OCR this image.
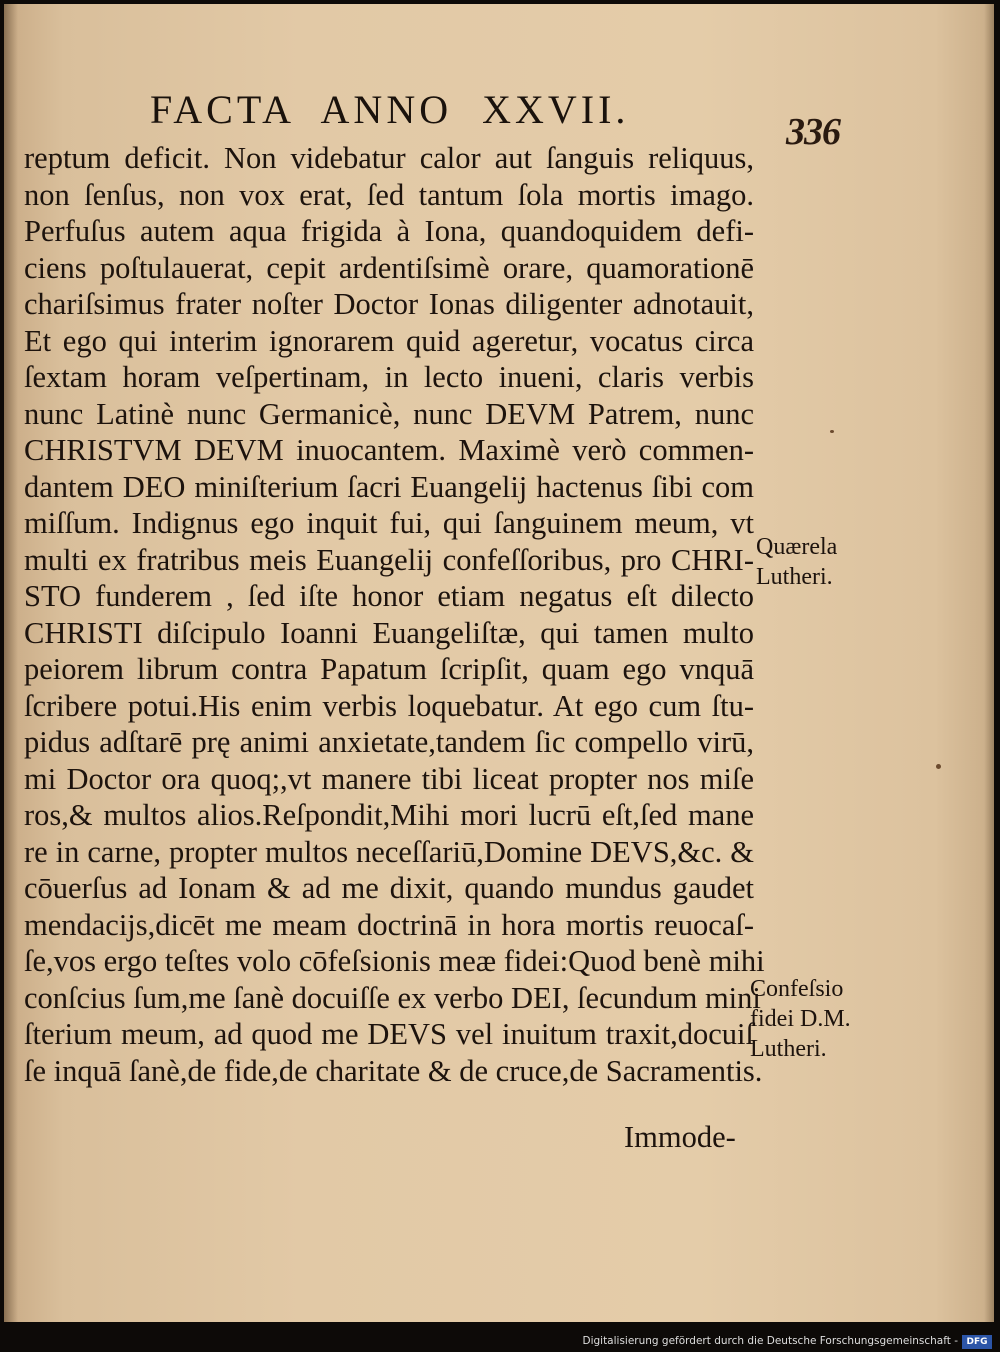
FACTA ANNO XXVII.	336
reptum deficit. Non videbatur calor aut ſanguis reliquus,
non ſenſus, non vox erat, ſed tantum ſola mortis imago.
Perfuſus autem aqua frigida à Iona, quandoquidem defi-
ciens poſtulauerat, cepit ardentiſsimè orare, quamorationē
chariſsimus frater noſter Doctor Ionas diligenter adnotauit,
Et ego qui interim ignorarem quid ageretur, vocatus circa
ſextam horam veſpertinam, in lecto inueni, claris verbis
nunc Latinè nunc Germanicè, nunc DEVM Patrem, nunc
CHRISTVM DEVM inuocantem. Maximè verò commen-
dantem DEO miniſterium ſacri Euangelij hactenus ſibi com
miſſum. Indignus ego inquit fui, qui ſanguinem meum, vt
multi ex fratribus meis Euangelij confeſſoribus, pro CHRI-
STO funderem , ſed iſte honor etiam negatus eſt dilecto
CHRISTI diſcipulo Ioanni Euangeliſtæ, qui tamen multo
peiorem librum contra Papatum ſcripſit, quam ego vnquā
ſcribere potui.His enim verbis loquebatur. At ego cum ſtu-
pidus adſtarē prę animi anxietate,tandem ſic compello virū,
mi Doctor ora quoq;,vt manere tibi liceat propter nos miſe
ros,& multos alios.Reſpondit,Mihi mori lucrū eſt,ſed mane
re in carne, propter multos neceſſariū,Domine DEVS,&c. &
cōuerſus ad Ionam & ad me dixit, quando mundus gaudet
mendacijs,dicēt me meam doctrinā in hora mortis reuocaſ-
ſe,vos ergo teſtes volo cōfeſsionis meæ fidei:Quod benè mihi
conſcius ſum,me ſanè docuiſſe ex verbo DEI, ſecundum mini
ſterium meum, ad quod me DEVS vel inuitum traxit,docuiſ
ſe inquā ſanè,de fide,de charitate & de cruce,de Sacramentis.
Immode-
Quærela
Lutheri.
Confeſsio
fidei D.M.
Lutheri.
Digitalisierung gefördert durch die Deutsche Forschungsgemeinschaft - DFG
